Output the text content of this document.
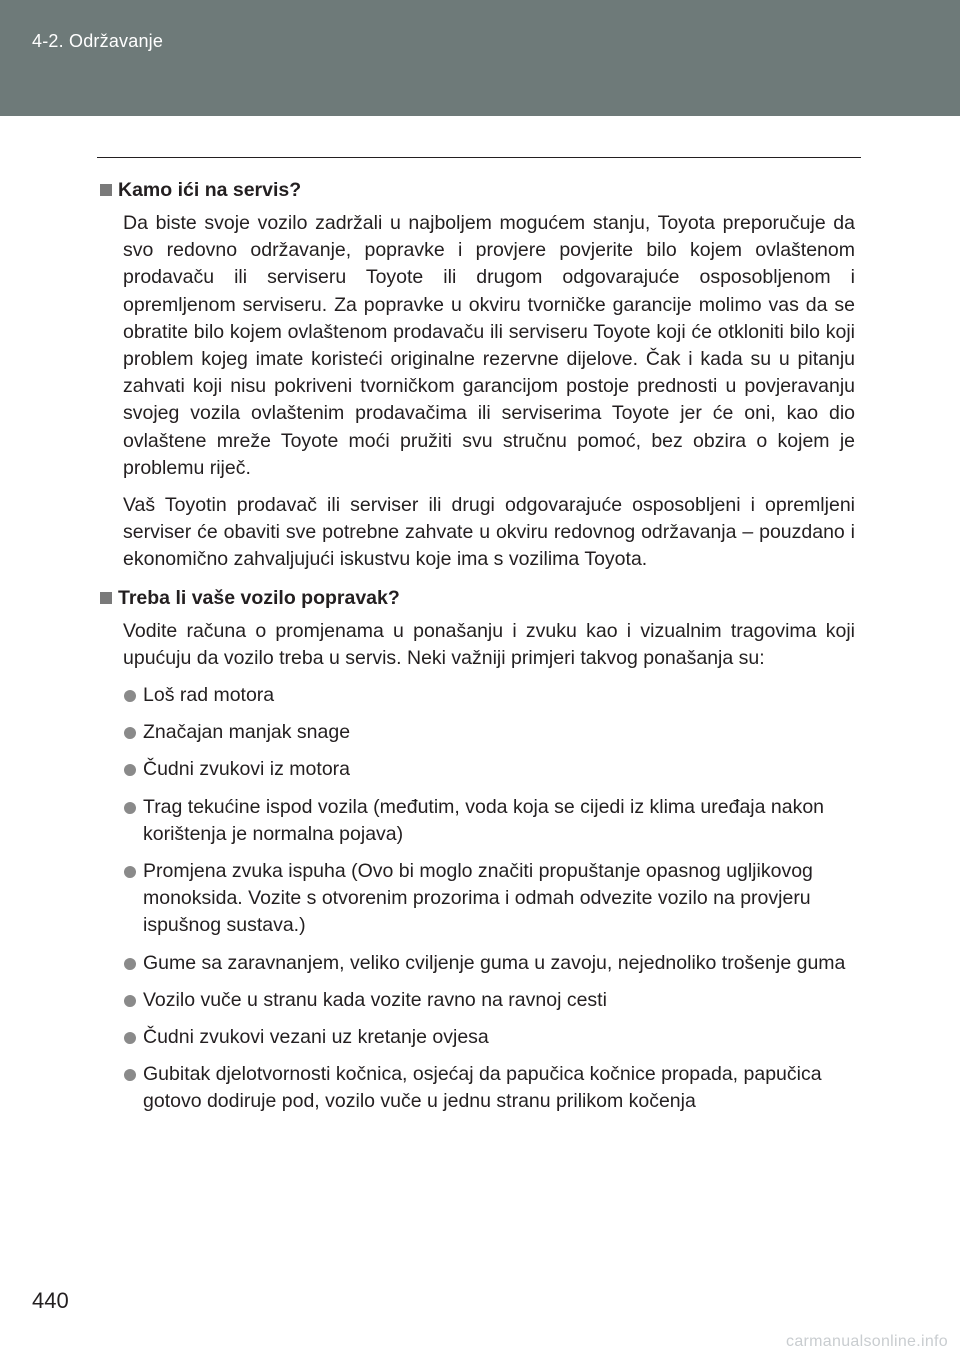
4-2. Održavanje
Kamo ići na servis?

Da biste svoje vozilo zadržali u najboljem mogućem stanju, Toyota preporučuje da svo redovno održavanje, popravke i provjere povjerite bilo kojem ovlaštenom prodavaču ili serviseru Toyote ili drugom odgovarajuće osposobljenom i opremljenom serviseru. Za popravke u okviru tvorničke garancije molimo vas da se obratite bilo kojem ovlaštenom prodavaču ili serviseru Toyote koji će otkloniti bilo koji problem kojeg imate koristeći originalne rezervne dijelove. Čak i kada su u pitanju zahvati koji nisu pokriveni tvorničkom garancijom postoje prednosti u povjeravanju svojeg vozila ovlaštenim prodavačima ili serviserima Toyote jer će oni, kao dio ovlaštene mreže Toyote moći pružiti svu stručnu pomoć, bez obzira o kojem je problemu riječ.

Vaš Toyotin prodavač ili serviser ili drugi odgovarajuće osposobljeni i opremljeni serviser će obaviti sve potrebne zahvate u okviru redovnog održavanja – pouzdano i ekonomično zahvaljujući iskustvu koje ima s vozilima Toyota.

Treba li vaše vozilo popravak?

Vodite računa o promjenama u ponašanju i zvuku kao i vizualnim tragovima koji upućuju da vozilo treba u servis. Neki važniji primjeri takvog ponašanja su:

Loš rad motora
Značajan manjak snage
Čudni zvukovi iz motora
Trag tekućine ispod vozila (međutim, voda koja se cijedi iz klima uređaja nakon korištenja je normalna pojava)
Promjena zvuka ispuha (Ovo bi moglo značiti propuštanje opasnog ugljikovog monoksida. Vozite s otvorenim prozorima i odmah odvezite vozilo na provjeru ispušnog sustava.)
Gume sa zaravnanjem, veliko cviljenje guma u zavoju, nejednoliko trošenje guma
Vozilo vuče u stranu kada vozite ravno na ravnoj cesti
Čudni zvukovi vezani uz kretanje ovjesa
Gubitak djelotvornosti kočnica, osjećaj da papučica kočnice propada, papučica gotovo dodiruje pod, vozilo vuče u jednu stranu prilikom kočenja
440
carmanualsonline.info
